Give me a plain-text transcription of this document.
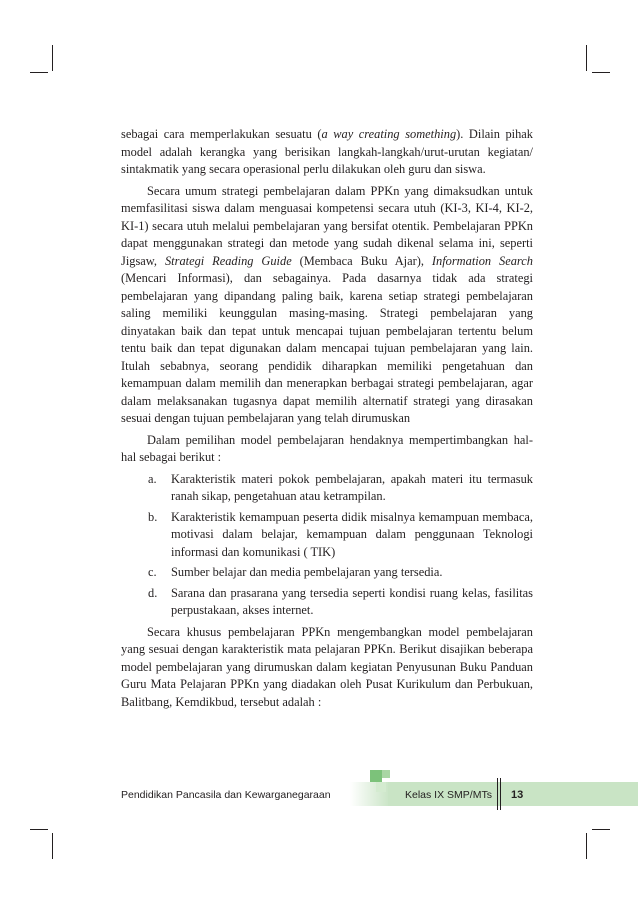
sebagai cara memperlakukan sesuatu (a way creating something). Dilain pihak model adalah kerangka yang berisikan langkah-langkah/urut-urutan kegiatan/ sintakmatik yang secara operasional perlu dilakukan oleh guru dan siswa.

Secara umum strategi pembelajaran dalam PPKn yang dimaksudkan untuk memfasilitasi siswa dalam menguasai kompetensi secara utuh (KI-3, KI-4, KI-2, KI-1) secara utuh melalui pembelajaran yang bersifat otentik. Pembelajaran PPKn dapat menggunakan strategi dan metode yang sudah dikenal selama ini, seperti Jigsaw, Strategi Reading Guide (Membaca Buku Ajar), Information Search (Mencari Informasi), dan sebagainya. Pada dasarnya tidak ada strategi pembelajaran yang dipandang paling baik, karena setiap strategi pembelajaran saling memiliki keunggulan masing-masing. Strategi pembelajaran yang dinyatakan baik dan tepat untuk mencapai tujuan pembelajaran tertentu belum tentu baik dan tepat digunakan dalam mencapai tujuan pembelajaran yang lain. Itulah sebabnya, seorang pendidik diharapkan memiliki pengetahuan dan kemampuan dalam memilih dan menerapkan berbagai strategi pembelajaran, agar dalam melaksanakan tugasnya dapat memilih alternatif strategi yang dirasakan sesuai dengan tujuan pembelajaran yang telah dirumuskan

Dalam pemilihan model pembelajaran hendaknya mempertimbangkan hal-hal sebagai berikut :

a. Karakteristik materi pokok pembelajaran, apakah materi itu termasuk ranah sikap, pengetahuan atau ketrampilan.
b. Karakteristik kemampuan peserta didik misalnya kemampuan membaca, motivasi dalam belajar, kemampuan dalam penggunaan Teknologi informasi dan komunikasi ( TIK)
c. Sumber belajar dan media pembelajaran yang tersedia.
d. Sarana dan prasarana yang tersedia seperti kondisi ruang kelas, fasilitas perpustakaan, akses internet.

Secara khusus pembelajaran PPKn mengembangkan model pembelajaran yang sesuai dengan karakteristik mata pelajaran PPKn. Berikut disajikan beberapa model pembelajaran yang dirumuskan dalam kegiatan Penyusunan Buku Panduan Guru Mata Pelajaran PPKn yang diadakan oleh Pusat Kurikulum dan Perbukuan, Balitbang, Kemdikbud, tersebut adalah :

Pendidikan Pancasila dan Kewarganegaraan	Kelas IX SMP/MTs 13
